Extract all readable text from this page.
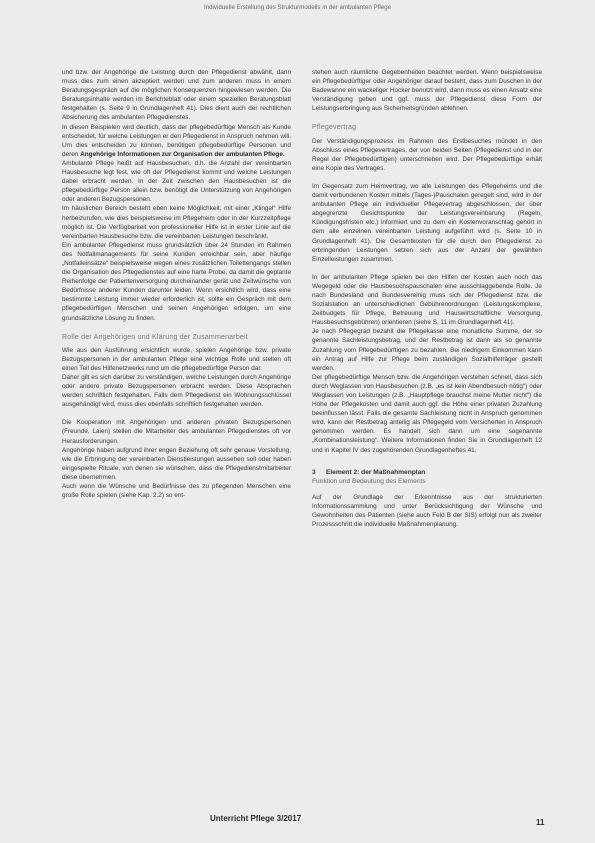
Individuelle Erstellung des Strukturmodells in der ambulanten Pflege

und bzw. der Angehörige die Leistung durch den Pflegedienst abwählt, dann muss dies zum einen akzeptiert werden und zum anderen muss in einem Beratungsgespräch auf die möglichen Konsequenzen hingewiesen werden. Die Beratungsinhalte werden im Berichteblatt oder einem speziellen Beratungsblatt festgehalten (s. Seite 9 in Grundlagenheft 41). Dies dient auch der rechtlichen Absicherung des ambulanten Pflegedienstes.

In diesen Beispielen wird deutlich, dass der pflegebedürftige Mensch als Kunde entscheidet, für welche Leistungen er den Pflegedienst in Anspruch nehmen will. Um dies entscheiden zu können, benötigen pflegebedürftige Personen und deren Angehörige Informationen zur Organisation der ambulanten Pflege.

Ambulante Pflege heißt auf Hausbesuchen, d.h. die Anzahl der vereinbarten Hausbesuche legt fest, wie oft der Pflegedienst kommt und welche Leistungen dabei erbracht werden. In der Zeit zwischen den Hausbesuchen ist die pflegebedürftige Person allein bzw. benötigt die Unterstützung von Angehörigen oder anderen Bezugspersonen.

Im häuslichen Bereich besteht eben keine Möglichkeit, mit einer „Klingel“ Hilfe herbeizurufen, wie dies beispielsweise im Pflegeheim oder in der Kurzzeitpflege möglich ist. Die Verfügbarkeit von professioneller Hilfe ist in erster Linie auf die vereinbarten Hausbesuche bzw. die vereinbarten Leistungen beschränkt.

Ein ambulanter Pflegedienst muss grundsätzlich über 24 Stunden im Rahmen des Notfallmanagements für seine Kunden erreichbar sein, aber häufige „Notfalleinsätze“ beispielsweise wegen eines zusätzlichen Toilettengangs stellen die Organisation des Pflegedienstes auf eine harte Probe, da damit die geplante Reihenfolge der Patientenversorgung durcheinander gerät und Zeitwünsche von Bedürfnisse anderer Kunden darunter leiden. Wenn ersichtlich wird, dass eine bestimmte Leistung immer wieder erforderlich ist, sollte ein Gespräch mit dem pflegebedürftigen Menschen und seinen Angehörigen erfolgen, um eine grundsätzliche Lösung zu finden.

Rolle der Angehörigen und Klärung der Zusammenarbeit

Wie aus den Ausführung ersichtlich wurde, spielen Angehörige bzw. private Bezugspersonen in der ambulanten Pflege eine wichtige Rolle und stellen oft einen Teil des Hilfenetzwerks rund um die pflegebedürftige Person dar.

Daher gilt es sich darüber zu verständigen, welche Leistungen durch Angehörige oder andere private Bezugspersonen erbracht werden. Diese Absprachen werden schriftlich festgehalten. Falls dem Pflegedienst ein Wohnungsschlüssel ausgehändigt wird, muss dies ebenfalls schriftlich festgehalten werden.

Die Kooperation mit Angehörigen und anderen privaten Bezugspersonen (Freunde, Laien) stellen die Mitarbeiter des ambulanten Pflegedienstes oft vor Herausforderungen.

Angehörige haben aufgrund ihrer engen Beziehung oft sehr genaue Vorstellung, wie die Erbringung der vereinbarten Dienstleistungen aussehen soll oder haben eingespielte Rituale, von denen sie wünschen, dass die Pflegedienstmitarbeiter diese übernehmen.

Auch wenn die Wünsche und Bedürfnisse des zu pflegenden Menschen eine große Rolle spielen (siehe Kap. 2.2) so ent-

stehen auch räumliche Gegebenheiten beachtet werden. Wenn beispielsweise ein Pflegebedürftiger oder Angehöriger darauf besteht, dass zum Duschen in der Badewanne ein wackeliger Hocker benutzt wird, dann muss es einen Ansatz eine Verständigung geben und ggf. muss der Pflegedienst diese Form der Leistungserbringung aus Sicherheitsgründen ablehnen.

Pflegevertrag

Der Verständigungsprozess im Rahmen des Erstbesuches mündet in den Abschluss eines Pflegevertrages, der von beiden Seiten (Pflegedienst und in der Regel der Pflegebedürftigen) unterschrieben wird. Der Pflegebedürftige erhält eine Kopie des Vertrages.

Im Gegensatz zum Heimvertrag, wo alle Leistungen des Pflegeheims und die damit verbundenen Kosten mittels (Tages-)Pauschalen geregelt sind, wird in der ambulanten Pflege ein individueller Pflegevertrag abgeschlossen, der über abgegrenzte Gesichtspunkte der Leistungsvereinbarung (Regeln, Kündigungsfristen etc.) informiert und zu dem ein Kostenvoranschlag gehört in dem alle einzelnen vereinbarten Leistung aufgeführt wird (s. Seite 10 in Grundlagenheft 41). Die Gesamtkosten für die durch den Pflegedienst zu erbringenden Leistungen setzen sich aus der Anzahl der gewählten Einzelleistungen zusammen.

In der ambulanten Pflege spielen bei den Hilfen der Kosten auch noch das Wegegeld oder die Hausbesuchspauschalen eine ausschlaggebende Rolle. Je nach Bundesland und Bundesvereinig muss sich der Pflegedienst bzw. die Sozialstation an unterschiedlichen Gebührenordnungen (Leistungskomplexe, Zeitbudgets für Pflege, Betreuung und Hauswirtschaftliche Versorgung, Hausbesuchsgebühren) orientieren (siehe S. 11 im Grundlagenheft 41).

Je nach Pflegegrad bezahlt die Pflegekasse eine monatliche Summe, der so genannte Sachleistungsbetrag, und der Restbetrag ist dann als so genannte Zuzahlung vom Pflegebedürftigen zu bezahlen. Bei niedrigem Einkommen kann ein Antrag auf Hilfe zur Pflege beim zuständigen Sozialhilfeträger gestellt werden.

Der pflegebedürftige Mensch bzw. die Angehörigen verstehen schnell, dass sich durch Weglassen von Hausbesuchen (z.B. „es ist kein Abendbesuch nötig“) oder Weglassen von Leistungen (z.B. „Hauptpflege brauchst meine Mutter nicht“) die Höhe der Pflegekosten und damit auch ggf. die Höhe einer privaten Zuzahlung beeinflussen lässt. Falls die gesamte Sachleistung nicht in Anspruch genommen wird, kann der Restbetrag anteilig als Pflegegeld vom Versicherten in Anspruch genommen werden. Es handelt sich dann um eine sogenannte „Kombinationsleistung“. Weitere Informationen finden Sie in Grundlagenheft 12 und in Kapitel IV des zugehörenden Grundlagenheftes 41.

3 Element 2: der Maßnahmenplan
Funktion und Bedeutung des Elements

Auf der Grundlage der Erkenntnisse aus der strukturierten Informationssammlung und unter Berücksichtigung der Wünsche und Gewohnheiten des Patienten (siehe auch Feld B der SIS) erfolgt nun als zweiter Prozessschritt die individuelle Maßnahmenplanung.

Unterricht Pflege 3/2017	11
